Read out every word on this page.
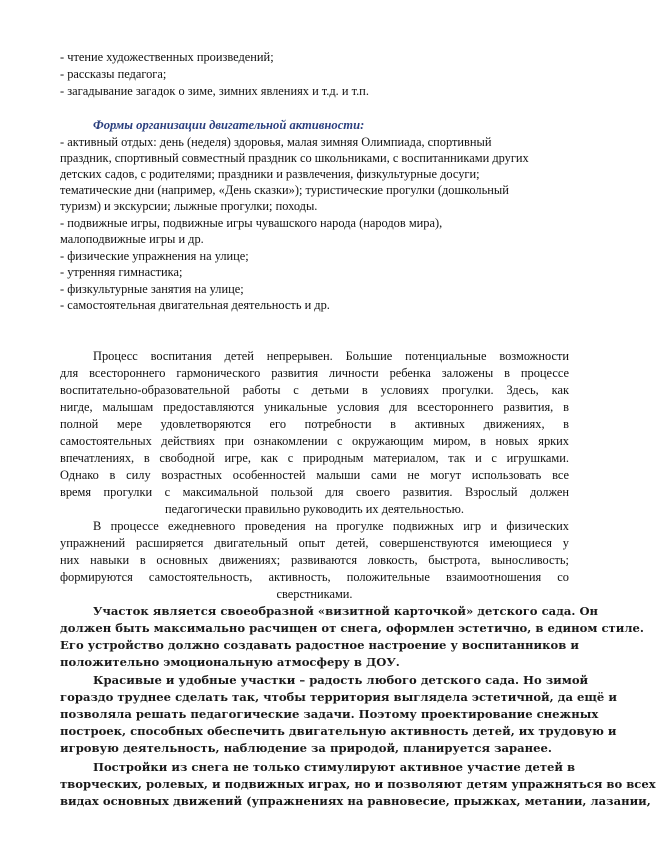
- чтение художественных произведений;
- рассказы педагога;
- загадывание загадок о зиме, зимних явлениях и т.д. и т.п.
Формы организации двигательной активности:
- активный отдых: день (неделя) здоровья, малая зимняя Олимпиада, спортивный
праздник, спортивный совместный праздник со школьниками, с воспитанниками других
детских садов, с родителями; праздники и развлечения, физкультурные досуги;
тематические дни (например, «День сказки»); туристические прогулки (дошкольный
туризм) и экскурсии; лыжные прогулки; походы.
- подвижные игры, подвижные игры чувашского народа (народов мира),
малоподвижные игры и др.
- физические упражнения на улице;
- утренняя гимнастика;
- физкультурные занятия на улице;
- самостоятельная двигательная деятельность и др.
Процесс воспитания детей непрерывен. Большие потенциальные возможности
для всестороннего гармонического развития личности ребенка заложены в процессе
воспитательно-образовательной работы с детьми в условиях прогулки. Здесь, как
нигде, малышам предоставляются уникальные условия для всестороннего развития, в
полной мере удовлетворяются его потребности в активных движениях, в
самостоятельных действиях при ознакомлении с окружающим миром, в новых ярких
впечатлениях, в свободной игре, как с природным материалом, так и с игрушками.
Однако в силу возрастных особенностей малыши сами не могут использовать все
время прогулки с максимальной пользой для своего развития. Взрослый должен
педагогически правильно руководить их деятельностью.
В процессе ежедневного проведения на прогулке подвижных игр и физических
упражнений расширяется двигательный опыт детей, совершенствуются имеющиеся у
них навыки в основных движениях; развиваются ловкость, быстрота, выносливость;
формируются самостоятельность, активность, положительные взаимоотношения со
сверстниками.
Участок является своеобразной «визитной карточкой» детского сада. Он
должен быть максимально расчищен от снега, оформлен эстетично, в едином стиле.
Его устройство должно создавать радостное настроение у воспитанников и
положительно эмоциональную атмосферу в ДОУ.
Красивые и удобные участки – радость любого детского сада. Но зимой
гораздо труднее сделать так, чтобы территория выглядела эстетичной, да ещё и
позволяла решать педагогические задачи. Поэтому проектирование снежных
построек, способных обеспечить двигательную активность детей, их трудовую и
игровую деятельность, наблюдение за природой, планируется заранее.
Постройки из снега не только стимулируют активное участие детей в
творческих, ролевых, и подвижных играх, но и позволяют детям упражняться во всех
видах основных движений (упражнениях на равновесие, прыжках, метании, лазании,
